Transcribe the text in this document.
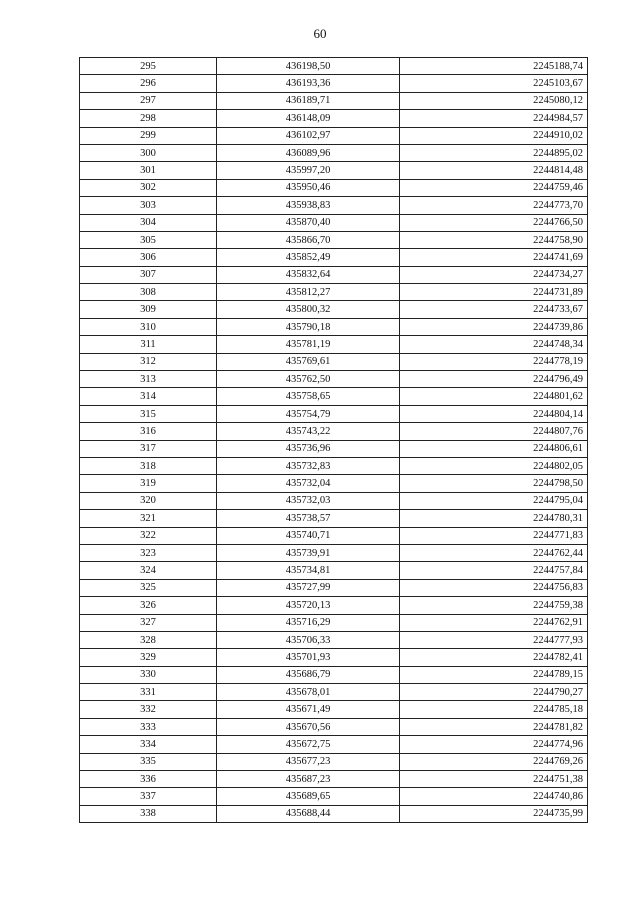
60
295	436198,50	2245188,74
296	436193,36	2245103,67
297	436189,71	2245080,12
298	436148,09	2244984,57
299	436102,97	2244910,02
300	436089,96	2244895,02
301	435997,20	2244814,48
302	435950,46	2244759,46
303	435938,83	2244773,70
304	435870,40	2244766,50
305	435866,70	2244758,90
306	435852,49	2244741,69
307	435832,64	2244734,27
308	435812,27	2244731,89
309	435800,32	2244733,67
310	435790,18	2244739,86
311	435781,19	2244748,34
312	435769,61	2244778,19
313	435762,50	2244796,49
314	435758,65	2244801,62
315	435754,79	2244804,14
316	435743,22	2244807,76
317	435736,96	2244806,61
318	435732,83	2244802,05
319	435732,04	2244798,50
320	435732,03	2244795,04
321	435738,57	2244780,31
322	435740,71	2244771,83
323	435739,91	2244762,44
324	435734,81	2244757,84
325	435727,99	2244756,83
326	435720,13	2244759,38
327	435716,29	2244762,91
328	435706,33	2244777,93
329	435701,93	2244782,41
330	435686,79	2244789,15
331	435678,01	2244790,27
332	435671,49	2244785,18
333	435670,56	2244781,82
334	435672,75	2244774,96
335	435677,23	2244769,26
336	435687,23	2244751,38
337	435689,65	2244740,86
338	435688,44	2244735,99
